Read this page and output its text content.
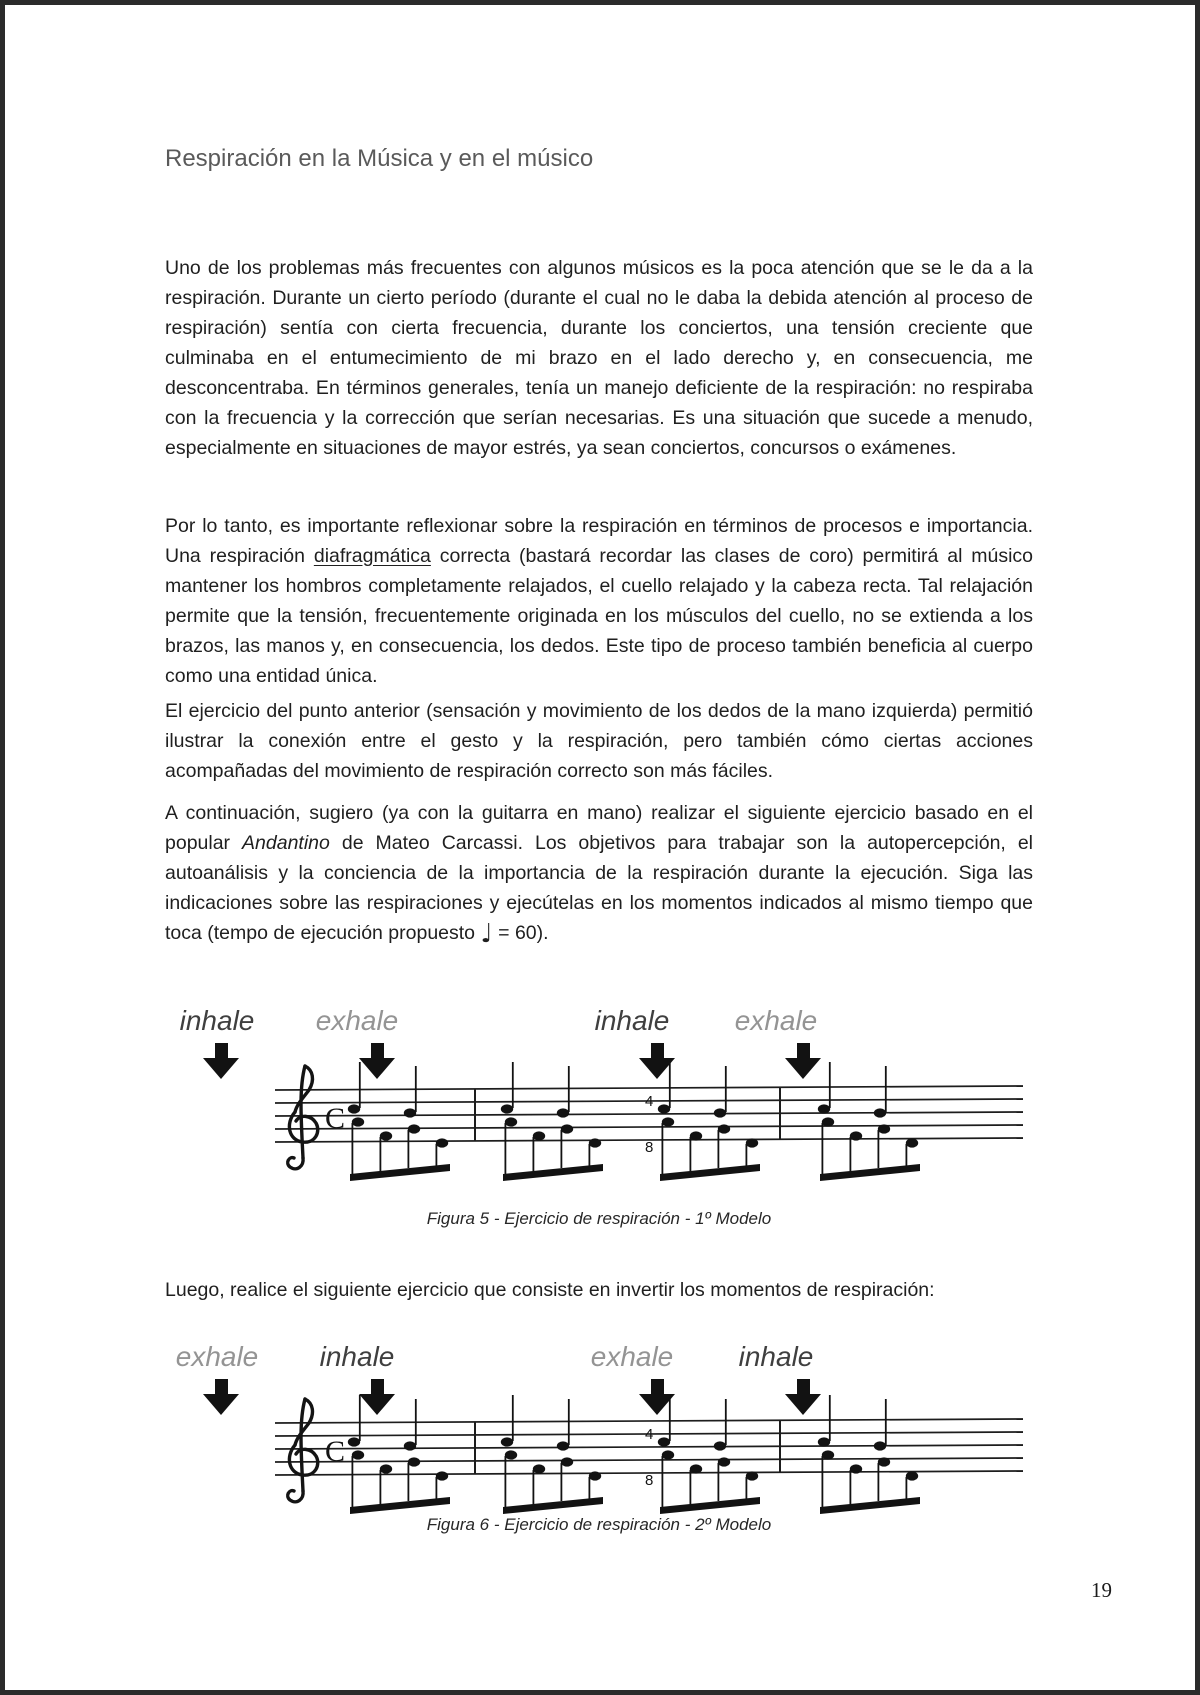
Respiración en la Música y en el músico

Uno de los problemas más frecuentes con algunos músicos es la poca atención que se le da a la respiración. Durante un cierto período (durante el cual no le daba la debida atención al proceso de respiración) sentía con cierta frecuencia, durante los conciertos, una tensión creciente que culminaba en el entumecimiento de mi brazo en el lado derecho y, en consecuencia, me desconcentraba. En términos generales, tenía un manejo deficiente de la respiración: no respiraba con la frecuencia y la corrección que serían necesarias. Es una situación que sucede a menudo, especialmente en situaciones de mayor estrés, ya sean conciertos, concursos o exámenes.

Por lo tanto, es importante reflexionar sobre la respiración en términos de procesos e importancia. Una respiración diafragmática correcta (bastará recordar las clases de coro) permitirá al músico mantener los hombros completamente relajados, el cuello relajado y la cabeza recta. Tal relajación permite que la tensión, frecuentemente originada en los músculos del cuello, no se extienda a los brazos, las manos y, en consecuencia, los dedos. Este tipo de proceso también beneficia al cuerpo como una entidad única.

El ejercicio del punto anterior (sensación y movimiento de los dedos de la mano izquierda) permitió ilustrar la conexión entre el gesto y la respiración, pero también cómo ciertas acciones acompañadas del movimiento de respiración correcto son más fáciles.

A continuación, sugiero (ya con la guitarra en mano) realizar el siguiente ejercicio basado en el popular Andantino de Mateo Carcassi. Los objetivos para trabajar son la autopercepción, el autoanálisis y la conciencia de la importancia de la respiración durante la ejecución. Siga las indicaciones sobre las respiraciones y ejecútelas en los momentos indicados al mismo tiempo que toca (tempo de ejecución propuesto ♩ = 60).

inhale exhale	inhale exhale
C
4
8
Figura 5 - Ejercicio de respiración - 1º Modelo

Luego, realice el siguiente ejercicio que consiste en invertir los momentos de respiración:

exhale inhale	exhale inhale
C
4
8
Figura 6 - Ejercicio de respiración - 2º Modelo
19
